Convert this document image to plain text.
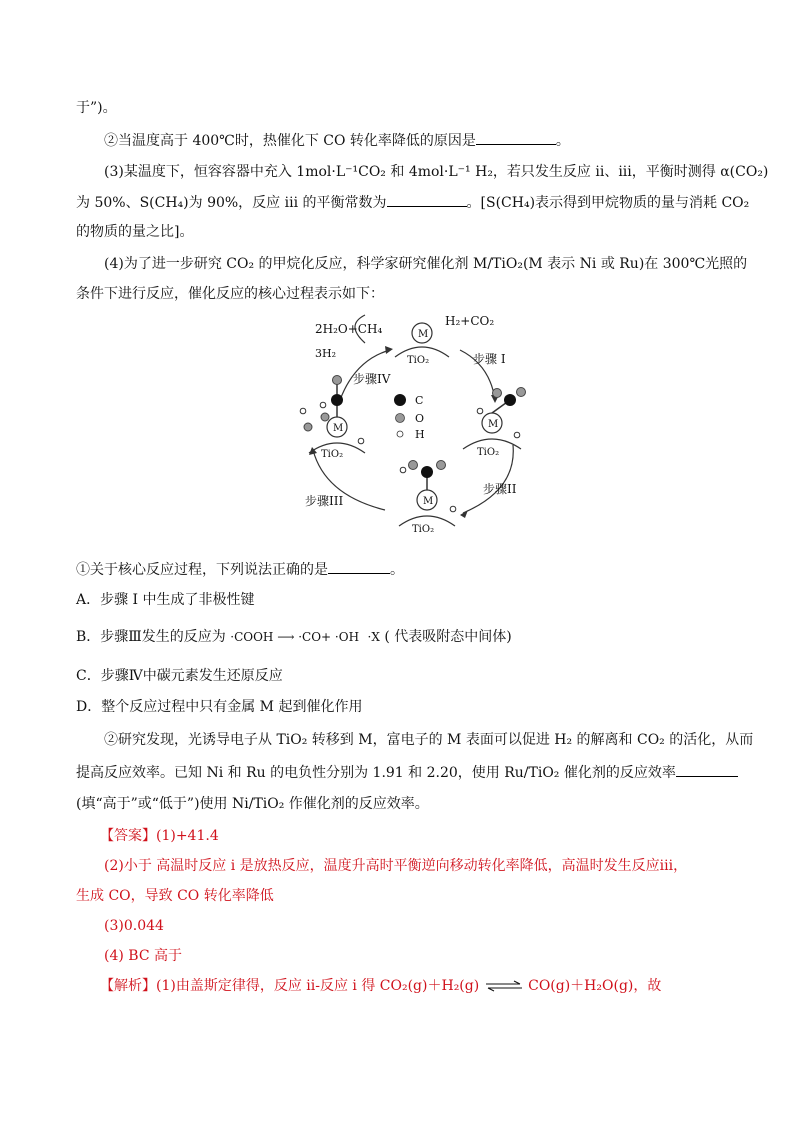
于”)。
②当温度高于 400℃时，热催化下 CO 转化率降低的原因是	。
(3)某温度下，恒容容器中充入 1mol·L⁻¹CO₂ 和 4mol·L⁻¹ H₂，若只发生反应 ii、iii，平衡时测得 α(CO₂)
为 50%、S(CH₄)为 90%，反应 iii 的平衡常数为	。[S(CH₄)表示得到甲烷物质的量与消耗 CO₂
的物质的量之比]。
(4)为了进一步研究 CO₂ 的甲烷化反应，科学家研究催化剂 M/TiO₂(M 表示 Ni 或 Ru)在 300℃光照的
条件下进行反应，催化反应的核心过程表示如下：
2H₂O+CH₄
H₂+CO₂
3H₂	步骤 I
步骤II
步骤III
步骤IV
M
M
M
M
TiO₂
TiO₂
TiO₂
TiO₂
C
O
H
①关于核心反应过程，下列说法正确的是	。
A．步骤 I 中生成了非极性键
B．步骤Ⅲ发生的反应为 ·COOH ⟶ ·CO+ ·OH ·X ( 代表吸附态中间体)
C．步骤Ⅳ中碳元素发生还原反应
D．整个反应过程中只有金属 M 起到催化作用
②研究发现，光诱导电子从 TiO₂ 转移到 M，富电子的 M 表面可以促进 H₂ 的解离和 CO₂ 的活化，从而
提高反应效率。已知 Ni 和 Ru 的电负性分别为 1.91 和 2.20，使用 Ru/TiO₂ 催化剂的反应效率
(填“高于”或“低于”)使用 Ni/TiO₂ 作催化剂的反应效率。
【答案】(1)+41.4
(2)小于 高温时反应 i 是放热反应，温度升高时平衡逆向移动转化率降低，高温时发生反应iii，
生成 CO，导致 CO 转化率降低
(3)0.044
(4) BC 高于
【解析】(1)由盖斯定律得，反应 ii-反应 i 得 CO₂(g)＋H₂(g) ⇌ CO(g)＋H₂O(g)，故
